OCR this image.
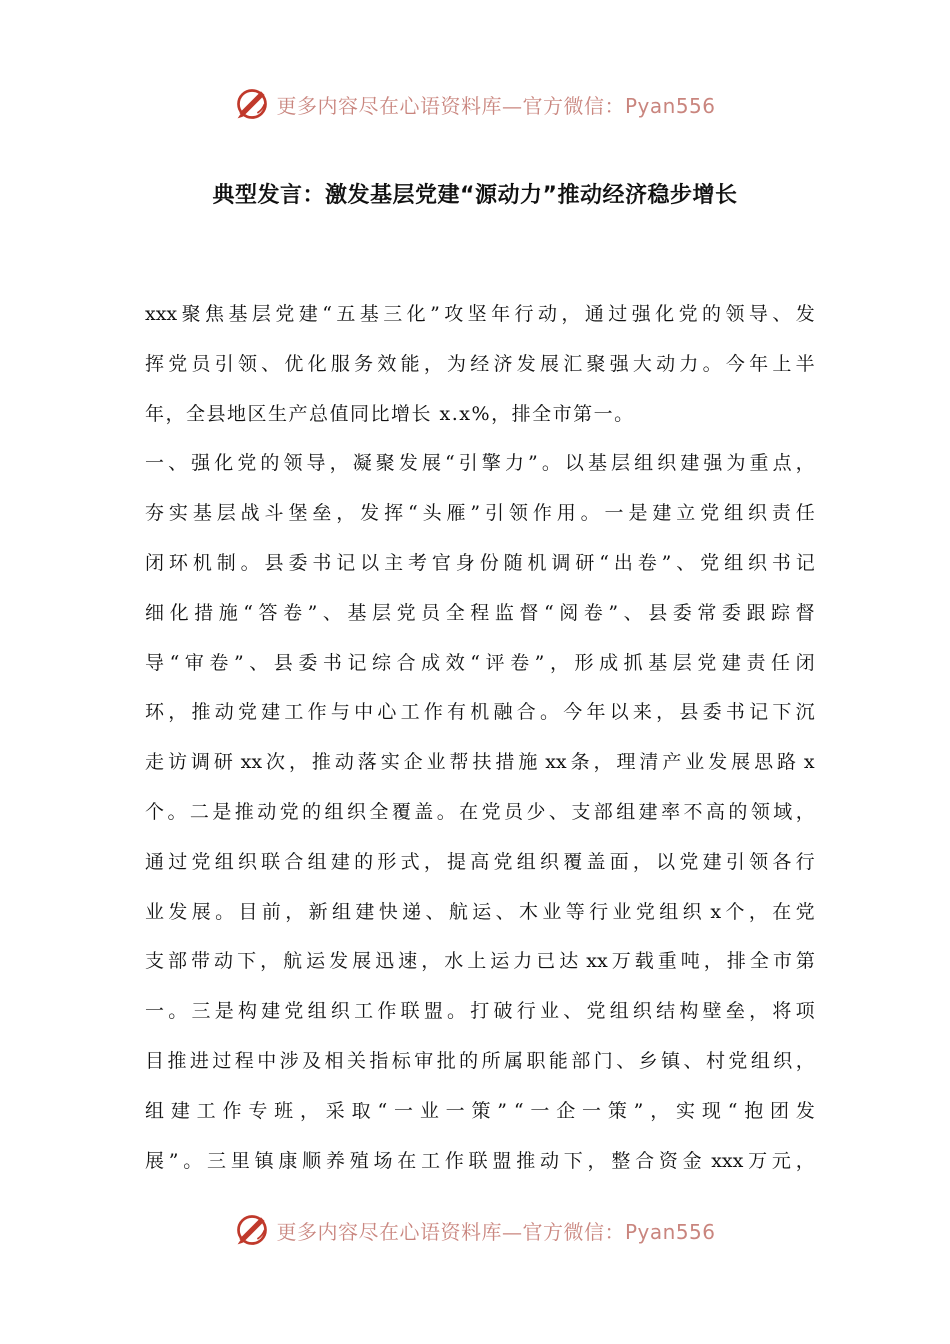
更多内容尽在心语资料库—官方微信：Pyan556
典型发言：激发基层党建“源动力”推动经济稳步增长
xxx 聚 焦 基 层 党 建 “ 五 基 三 化 ” 攻 坚 年 行 动 ， 通 过 强 化 党 的 领 导 、 发
挥 党 员 引 领 、 优 化 服 务 效 能 ， 为 经 济 发 展 汇 聚 强 大 动 力 。 今 年 上 半
年，全县地区生产总值同比增长 x.x%，排全市第一。
一 、 强 化 党 的 领 导 ， 凝 聚 发 展 “ 引 擎 力 ” 。 以 基 层 组 织 建 强 为 重 点 ，
夯 实 基 层 战 斗 堡 垒 ， 发 挥 “ 头 雁 ” 引 领 作 用 。 一 是 建 立 党 组 织 责 任
闭 环 机 制 。 县 委 书 记 以 主 考 官 身 份 随 机 调 研 “ 出 卷 ” 、 党 组 织 书 记
细 化 措 施 “ 答 卷 ” 、 基 层 党 员 全 程 监 督 “ 阅 卷 ” 、 县 委 常 委 跟 踪 督
导 “ 审 卷 ” 、 县 委 书 记 综 合 成 效 “ 评 卷 ” ， 形 成 抓 基 层 党 建 责 任 闭
环 ， 推 动 党 建 工 作 与 中 心 工 作 有 机 融 合 。 今 年 以 来 ， 县 委 书 记 下 沉
走 访 调 研 xx 次 ， 推 动 落 实 企 业 帮 扶 措 施 xx 条 ， 理 清 产 业 发 展 思 路 x
个 。 二 是 推 动 党 的 组 织 全 覆 盖 。 在 党 员 少 、 支 部 组 建 率 不 高 的 领 域 ，
通 过 党 组 织 联 合 组 建 的 形 式 ， 提 高 党 组 织 覆 盖 面 ， 以 党 建 引 领 各 行
业 发 展 。 目 前 ， 新 组 建 快 递 、 航 运 、 木 业 等 行 业 党 组 织 x 个 ， 在 党
支 部 带 动 下 ， 航 运 发 展 迅 速 ， 水 上 运 力 已 达 xx 万 载 重 吨 ， 排 全 市 第
一 。 三 是 构 建 党 组 织 工 作 联 盟 。 打 破 行 业 、 党 组 织 结 构 壁 垒 ， 将 项
目 推 进 过 程 中 涉 及 相 关 指 标 审 批 的 所 属 职 能 部 门 、 乡 镇 、 村 党 组 织 ，
组 建 工 作 专 班 ， 采 取 “ 一 业 一 策 ” “ 一 企 一 策 ” ， 实 现 “ 抱 团 发
展 ” 。 三 里 镇 康 顺 养 殖 场 在 工 作 联 盟 推 动 下 ， 整 合 资 金 xxx 万 元 ，
更多内容尽在心语资料库—官方微信：Pyan556
